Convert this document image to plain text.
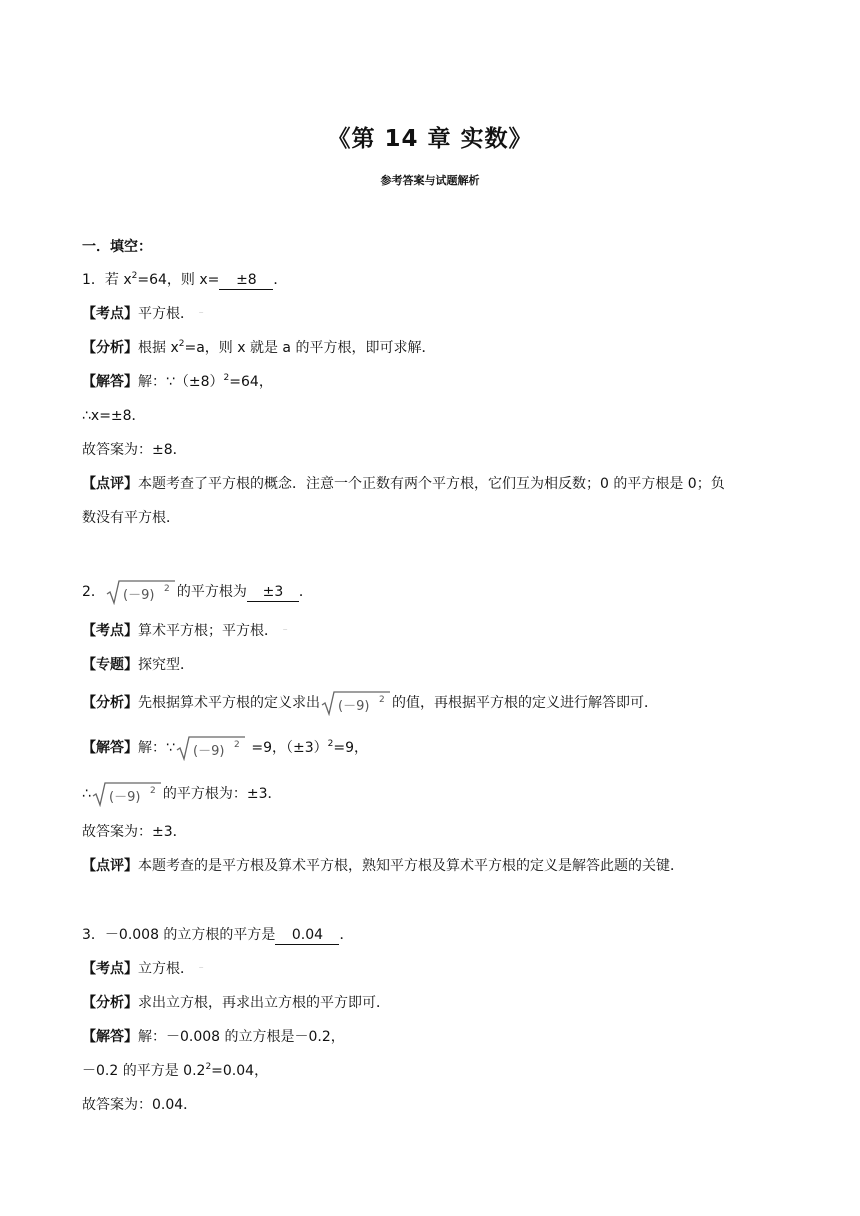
《第 14 章 实数》
参考答案与试题解析
一．填空：
1．若 $x^2=64$，则 x= ±8 ．
【考点】平方根． ⁻
【分析】根据 $x^2=a$，则 x 就是 a 的平方根，即可求解．
【解答】解：$\because(\pm 8)^2=64$，
∴x=±8．
故答案为：±8．
【点评】本题考查了平方根的概念．注意一个正数有两个平方根，它们互为相反数；0 的平方根是 0；负
数没有平方根．
2． (－9) 2 的平方根为 ±3 ．
【考点】算术平方根；平方根． ⁻
【专题】探究型．
【分析】先根据算术平方根的定义求出 (－9) 2 的值，再根据平方根的定义进行解答即可．
【解答】解：∵ (－9) 2 =9，$(\pm 3)^2=9$，
∴ (－9) 2 的平方根为：±3．
故答案为：±3．
【点评】本题考查的是平方根及算术平方根，熟知平方根及算术平方根的定义是解答此题的关键．
3．－0.008 的立方根的平方是 0.04 ．
【考点】立方根． ⁻
【分析】求出立方根，再求出立方根的平方即可．
【解答】解：－0.008 的立方根是－0.2，
－0.2 的平方是 $0.2^2=0.04$，
故答案为：0.04．
